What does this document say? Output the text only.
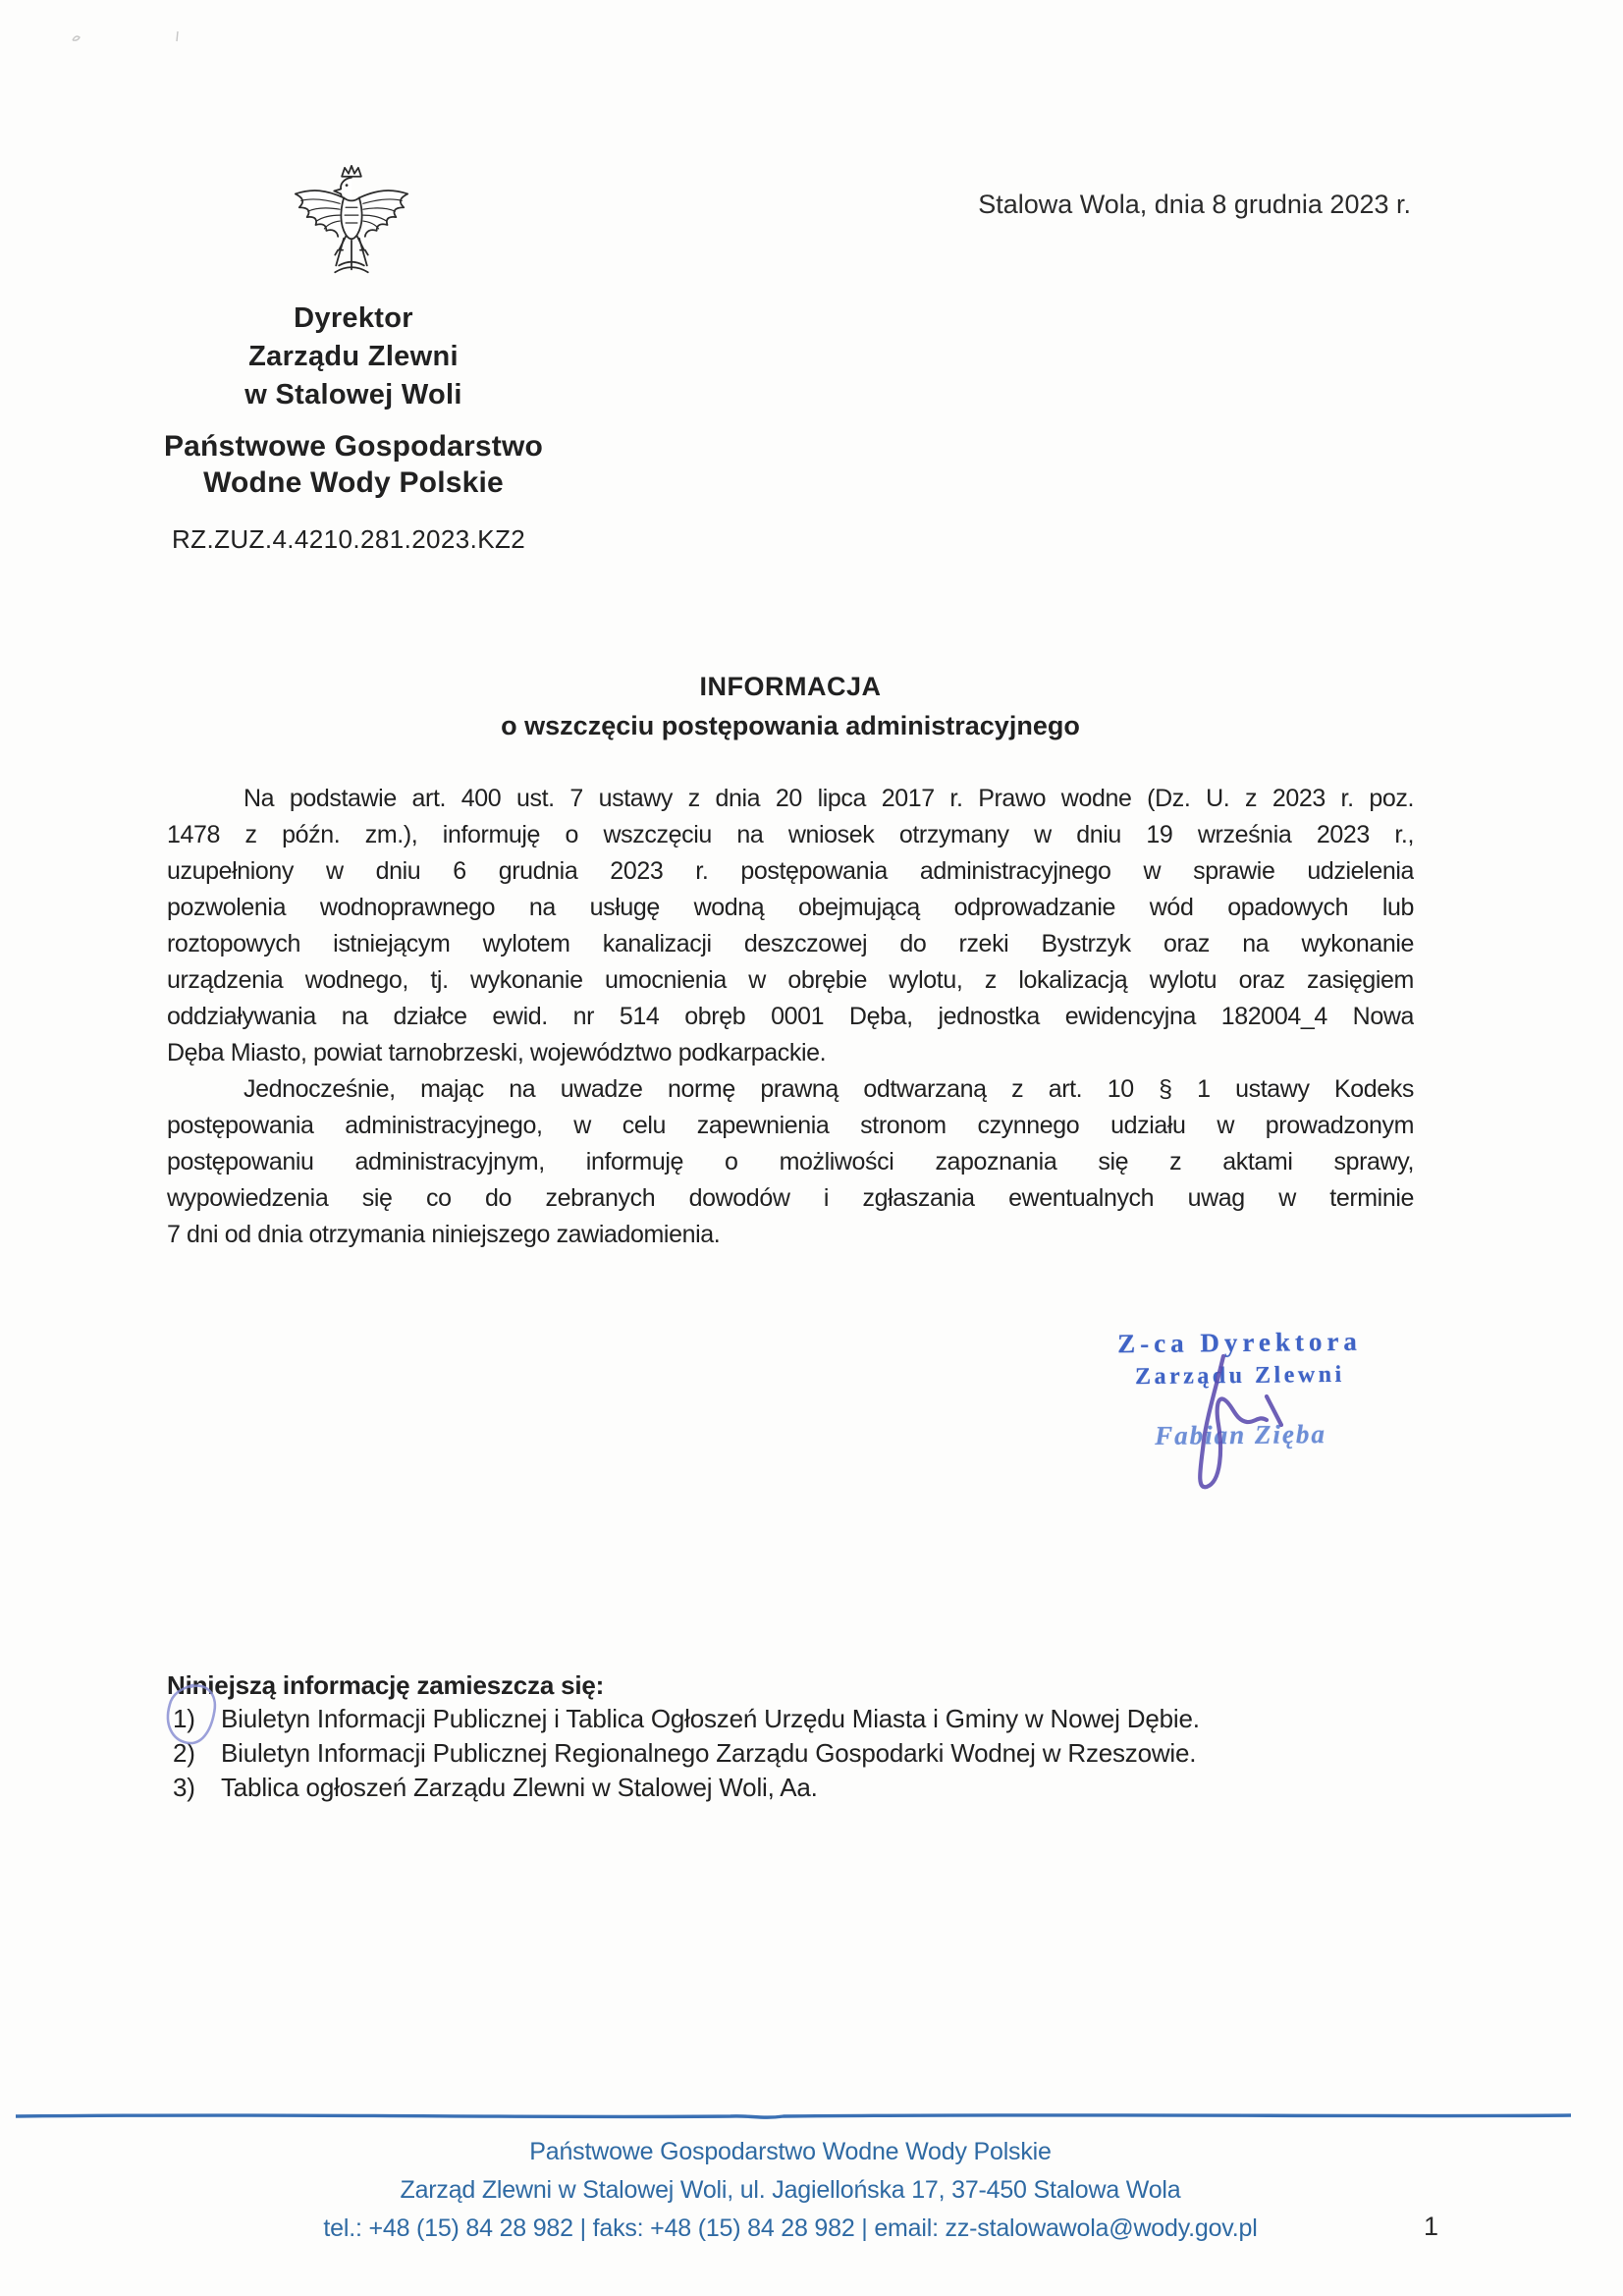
Stalowa Wola, dnia 8 grudnia 2023 r.
Dyrektor
Zarządu Zlewni
w Stalowej Woli
Państwowe Gospodarstwo
Wodne Wody Polskie
RZ.ZUZ.4.4210.281.2023.KZ2
INFORMACJA
o wszczęciu postępowania administracyjnego
Na podstawie art. 400 ust. 7 ustawy z dnia 20 lipca 2017 r. Prawo wodne (Dz. U. z 2023 r. poz.
1478 z późn. zm.), informuję o wszczęciu na wniosek otrzymany w dniu 19 września 2023 r.,
uzupełniony w dniu 6 grudnia 2023 r. postępowania administracyjnego w sprawie udzielenia
pozwolenia wodnoprawnego na usługę wodną obejmującą odprowadzanie wód opadowych lub
roztopowych istniejącym wylotem kanalizacji deszczowej do rzeki Bystrzyk oraz na wykonanie
urządzenia wodnego, tj. wykonanie umocnienia w obrębie wylotu, z lokalizacją wylotu oraz zasięgiem
oddziaływania na działce ewid. nr 514 obręb 0001 Dęba, jednostka ewidencyjna 182004_4 Nowa
Dęba Miasto, powiat tarnobrzeski, województwo podkarpackie.
Jednocześnie, mając na uwadze normę prawną odtwarzaną z art. 10 § 1 ustawy Kodeks
postępowania administracyjnego, w celu zapewnienia stronom czynnego udziału w prowadzonym
postępowaniu administracyjnym, informuję o możliwości zapoznania się z aktami sprawy,
wypowiedzenia się co do zebranych dowodów i zgłaszania ewentualnych uwag w terminie
7 dni od dnia otrzymania niniejszego zawiadomienia.
Z-ca Dyrektora
Zarządu Zlewni
Fabian Zięba
Niniejszą informację zamieszcza się:
1) Biuletyn Informacji Publicznej i Tablica Ogłoszeń Urzędu Miasta i Gminy w Nowej Dębie.
2) Biuletyn Informacji Publicznej Regionalnego Zarządu Gospodarki Wodnej w Rzeszowie.
3) Tablica ogłoszeń Zarządu Zlewni w Stalowej Woli, Aa.
Państwowe Gospodarstwo Wodne Wody Polskie
Zarząd Zlewni w Stalowej Woli, ul. Jagiellońska 17, 37-450 Stalowa Wola
tel.: +48 (15) 84 28 982 | faks: +48 (15) 84 28 982 | email: zz-stalowawola@wody.gov.pl	1
